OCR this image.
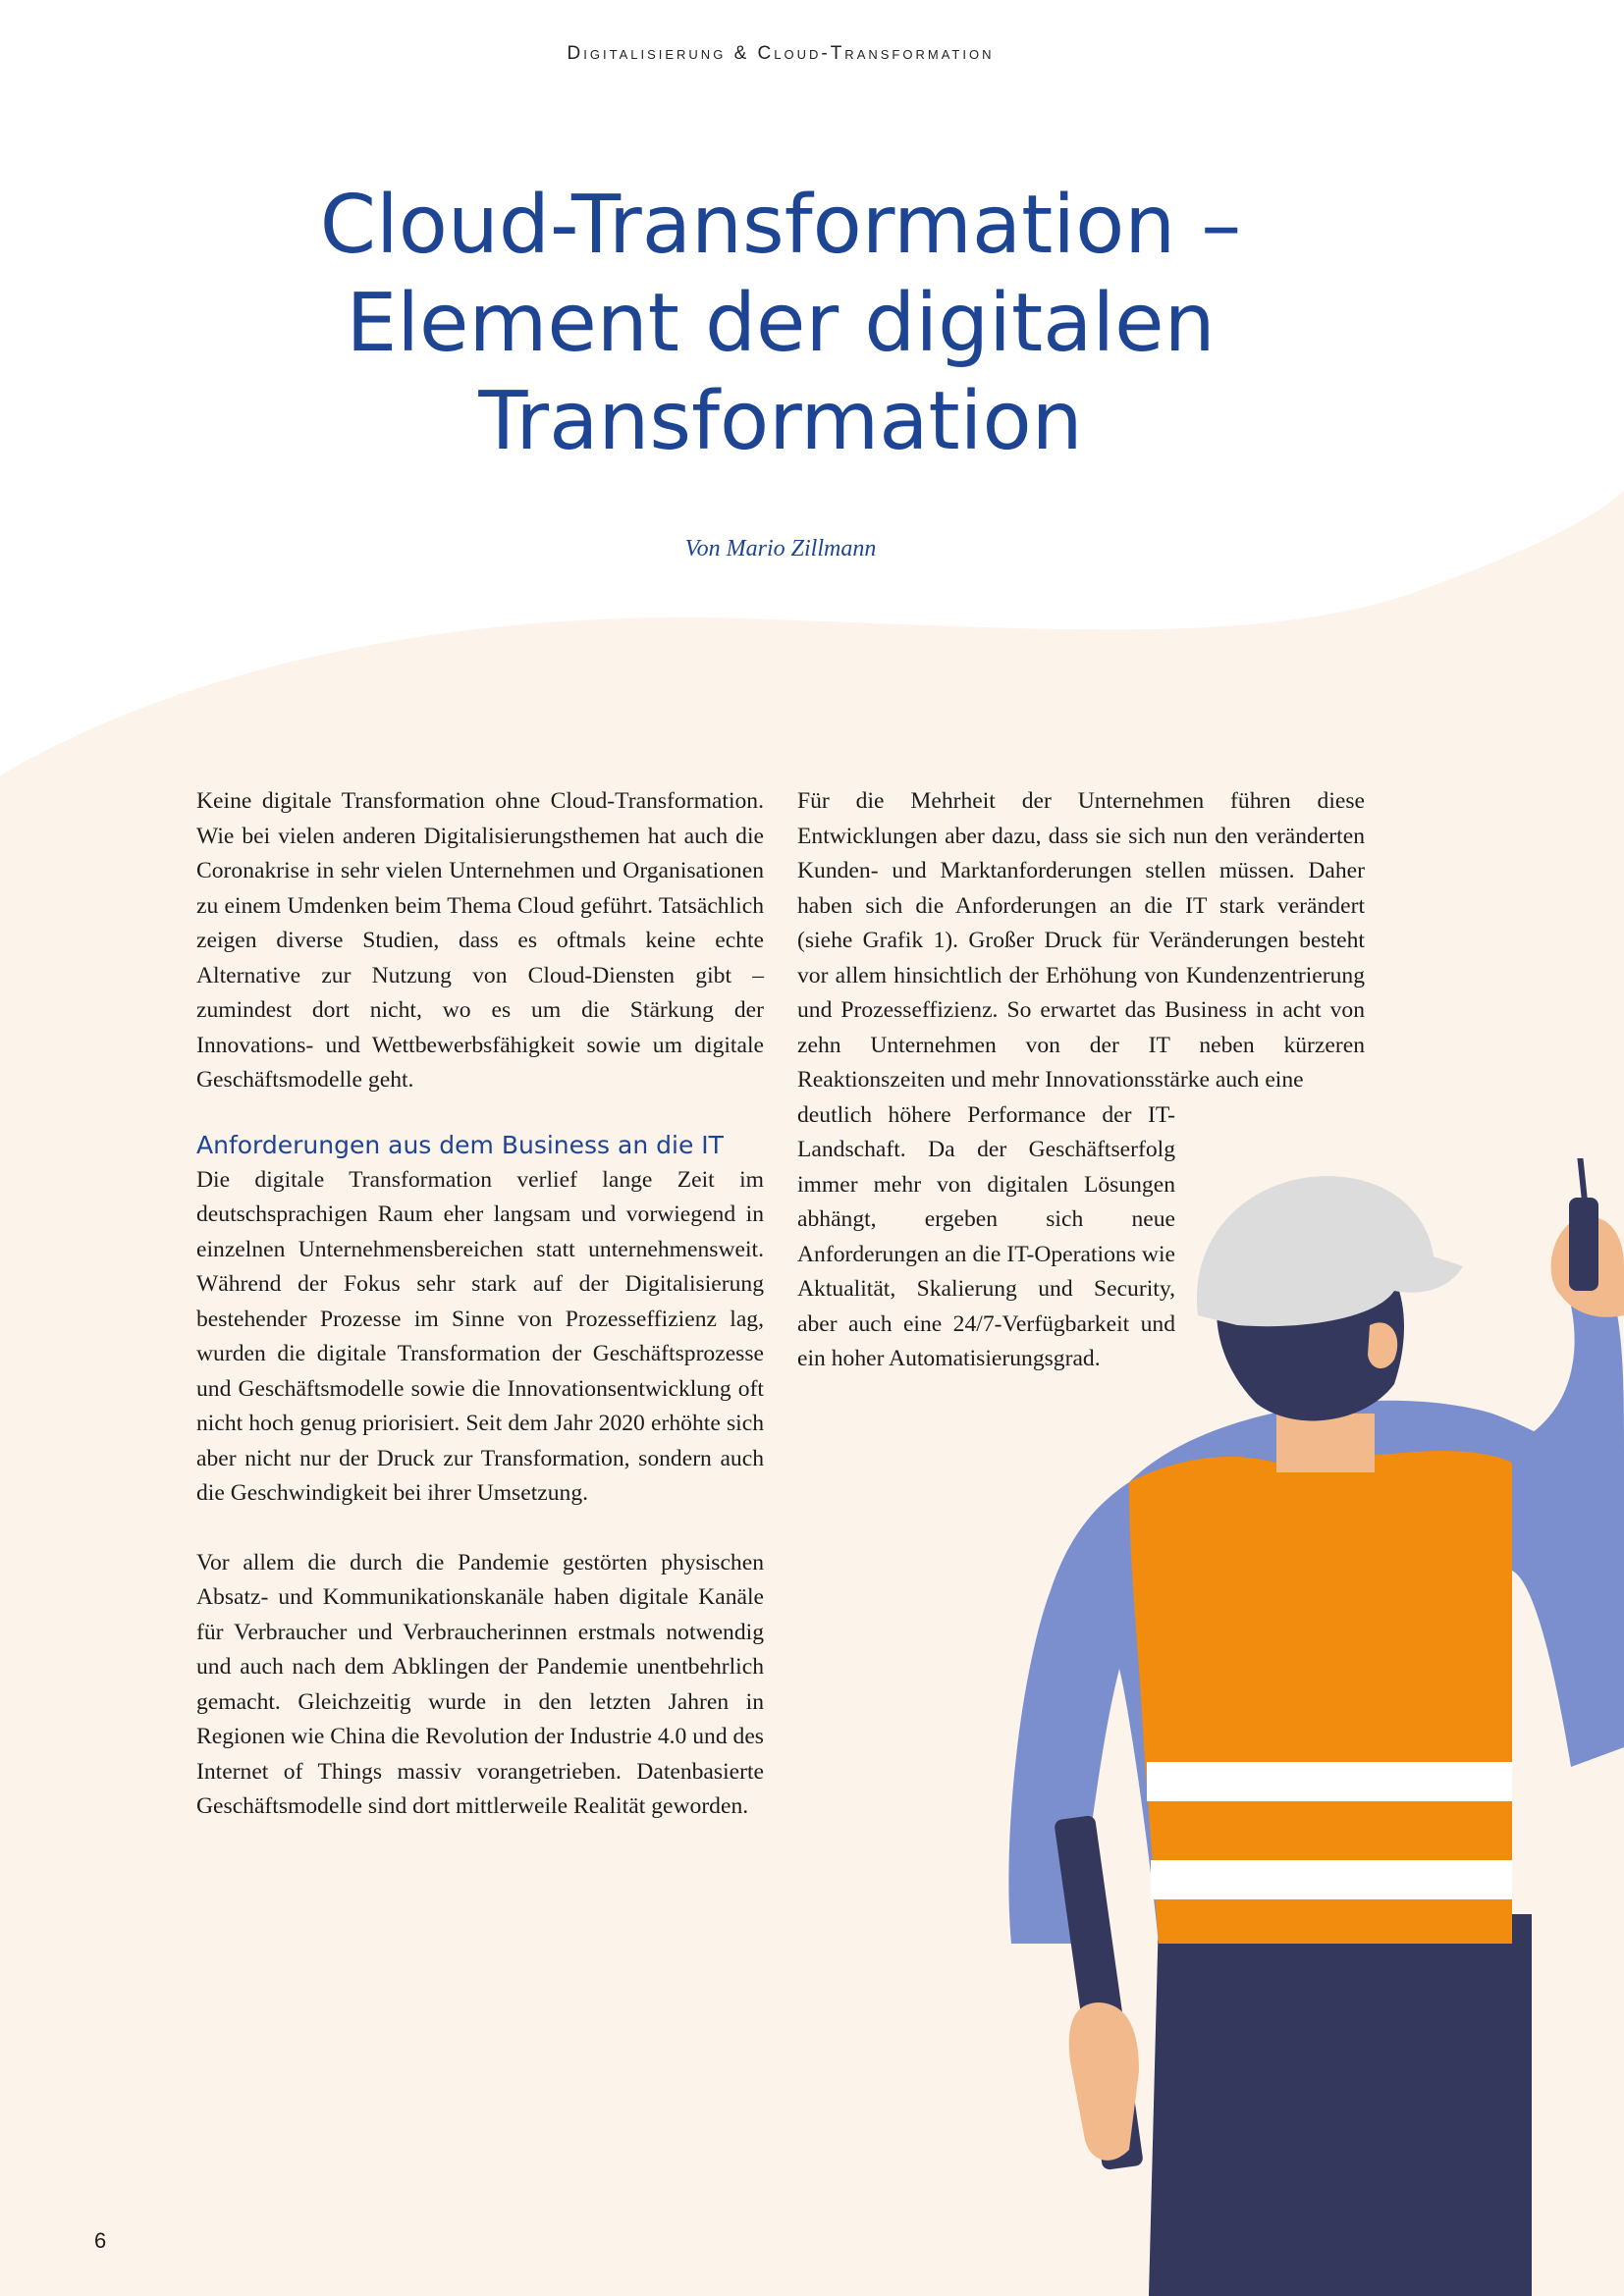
Digitalisierung & Cloud-Transformation
Cloud-Transformation –
Element der digitalen
Transformation
Von Mario Zillmann

Keine digitale Transformation ohne Cloud-Transformation. Wie bei vielen anderen Digitalisierungsthemen hat auch die Coronakrise in sehr vielen Unternehmen und Organisationen zu einem Umdenken beim Thema Cloud geführt. Tatsächlich zeigen diverse Studien, dass es oftmals keine echte Alternative zur Nutzung von Cloud-Diensten gibt – zumindest dort nicht, wo es um die Stärkung der Innovations- und Wettbewerbsfähigkeit sowie um digitale Geschäftsmodelle geht.

Anforderungen aus dem Business an die IT

Die digitale Transformation verlief lange Zeit im deutschsprachigen Raum eher langsam und vorwiegend in einzelnen Unternehmensbereichen statt unternehmensweit. Während der Fokus sehr stark auf der Digitalisierung bestehender Prozesse im Sinne von Prozesseffizienz lag, wurden die digitale Transformation der Geschäftsprozesse und Geschäftsmodelle sowie die Innovationsentwicklung oft nicht hoch genug priorisiert. Seit dem Jahr 2020 erhöhte sich aber nicht nur der Druck zur Transformation, sondern auch die Geschwindigkeit bei ihrer Umsetzung.

Vor allem die durch die Pandemie gestörten physischen Absatz- und Kommunikationskanäle haben digitale Kanäle für Verbraucher und Verbraucherinnen erstmals notwendig und auch nach dem Abklingen der Pandemie unentbehrlich gemacht. Gleichzeitig wurde in den letzten Jahren in Regionen wie China die Revolution der Industrie 4.0 und des Internet of Things massiv vorangetrieben. Datenbasierte Geschäftsmodelle sind dort mittlerweile Realität geworden.

Für die Mehrheit der Unternehmen führen diese Entwicklungen aber dazu, dass sie sich nun den veränderten Kunden- und Marktanforderungen stellen müssen. Daher haben sich die Anforderungen an die IT stark verändert (siehe Grafik 1). Großer Druck für Veränderungen besteht vor allem hinsichtlich der Erhöhung von Kundenzentrierung und Prozesseffizienz. So erwartet das Business in acht von zehn Unternehmen von der IT neben kürzeren Reaktionszeiten und mehr Innovationsstärke auch eine

deutlich höhere Performance der IT-Landschaft. Da der Geschäftserfolg immer mehr von digitalen Lösungen abhängt, ergeben sich neue Anforderungen an die IT-Operations wie Aktualität, Skalierung und Security, aber auch eine 24/7-Verfügbarkeit und ein hoher Automatisierungsgrad.

6
